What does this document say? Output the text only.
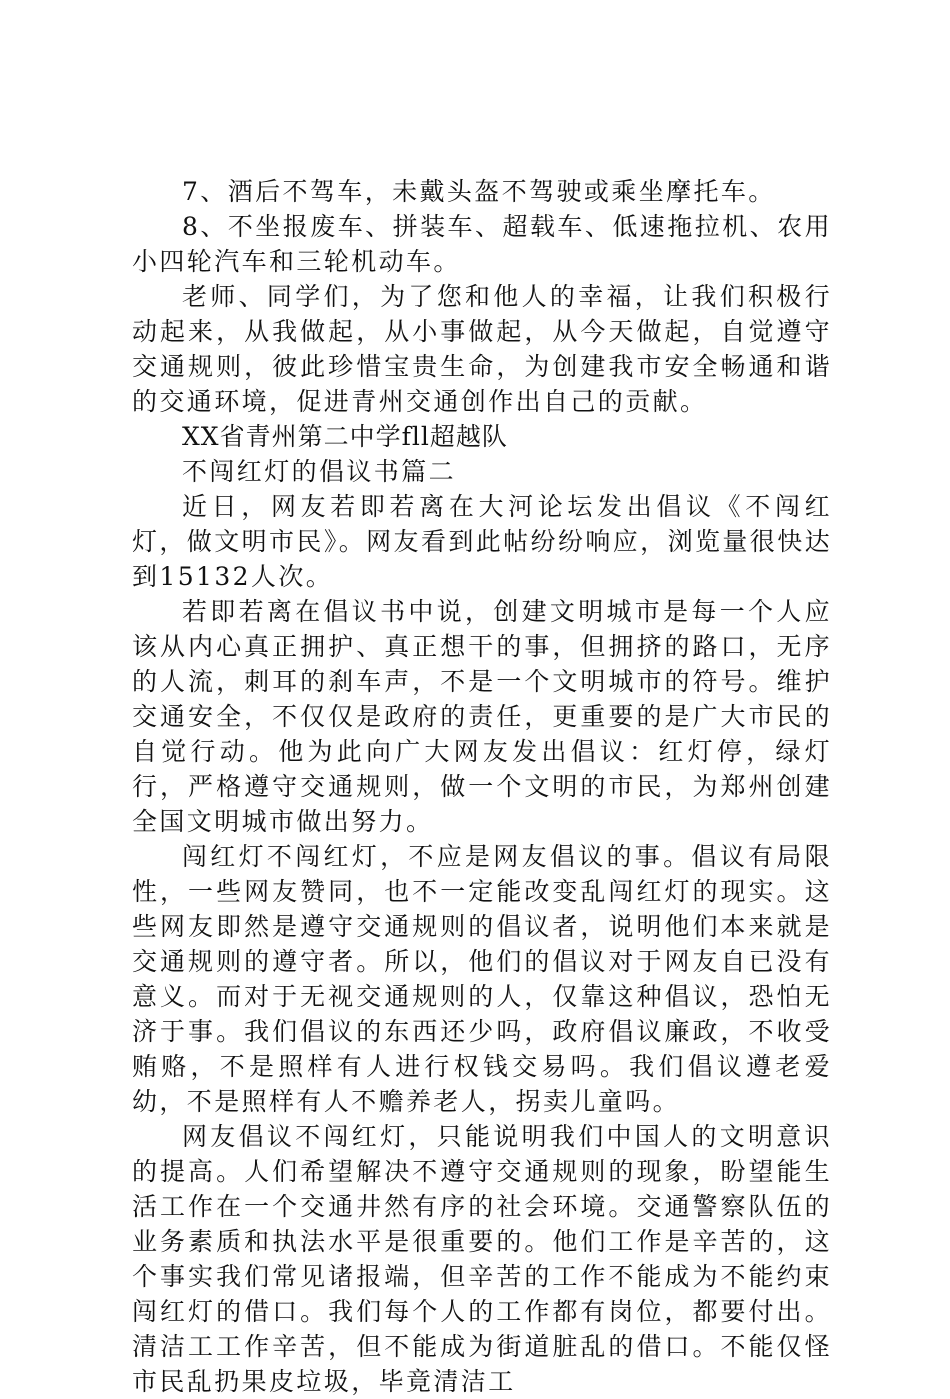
7、酒后不驾车，未戴头盔不驾驶或乘坐摩托车。

8、不坐报废车、拼装车、超载车、低速拖拉机、农用小四轮汽车和三轮机动车。

老师、同学们，为了您和他人的幸福，让我们积极行动起来，从我做起，从小事做起，从今天做起，自觉遵守交通规则，彼此珍惜宝贵生命，为创建我市安全畅通和谐的交通环境，促进青州交通创作出自己的贡献。

XX省青州第二中学fll超越队

不闯红灯的倡议书篇二

近日，网友若即若离在大河论坛发出倡议《不闯红灯，做文明市民》。网友看到此帖纷纷响应，浏览量很快达到15132人次。

若即若离在倡议书中说，创建文明城市是每一个人应该从内心真正拥护、真正想干的事，但拥挤的路口，无序的人流，刺耳的刹车声，不是一个文明城市的符号。维护交通安全，不仅仅是政府的责任，更重要的是广大市民的自觉行动。他为此向广大网友发出倡议：红灯停，绿灯行，严格遵守交通规则，做一个文明的市民，为郑州创建全国文明城市做出努力。

闯红灯不闯红灯，不应是网友倡议的事。倡议有局限性，一些网友赞同，也不一定能改变乱闯红灯的现实。这些网友即然是遵守交通规则的倡议者，说明他们本来就是交通规则的遵守者。所以，他们的倡议对于网友自已没有意义。而对于无视交通规则的人，仅靠这种倡议，恐怕无济于事。我们倡议的东西还少吗，政府倡议廉政，不收受贿赂，不是照样有人进行权钱交易吗。我们倡议遵老爱幼，不是照样有人不赡养老人，拐卖儿童吗。

网友倡议不闯红灯，只能说明我们中国人的文明意识的提高。人们希望解决不遵守交通规则的现象，盼望能生活工作在一个交通井然有序的社会环境。交通警察队伍的业务素质和执法水平是很重要的。他们工作是辛苦的，这个事实我们常见诸报端，但辛苦的工作不能成为不能约束闯红灯的借口。我们每个人的工作都有岗位，都要付出。清洁工工作辛苦，但不能成为街道脏乱的借口。不能仅怪市民乱扔果皮垃圾，毕竟清洁工
